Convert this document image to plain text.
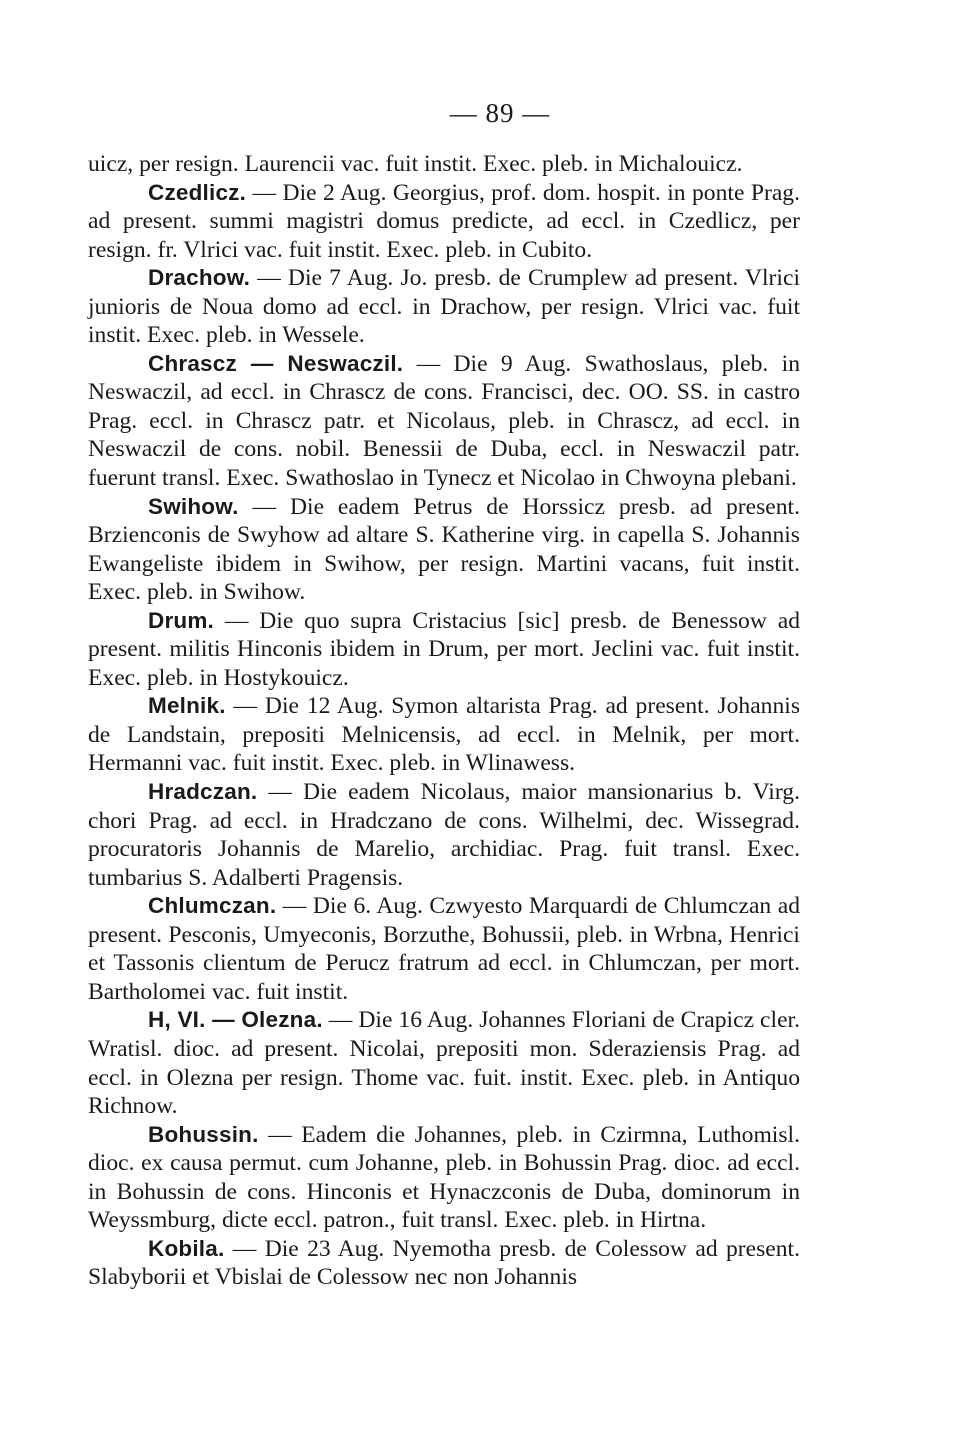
— 89 —

uicz, per resign. Laurencii vac. fuit instit. Exec. pleb. in Michalouicz.

Czedlicz. — Die 2 Aug. Georgius, prof. dom. hospit. in ponte Prag. ad present. summi magistri domus predicte, ad eccl. in Czedlicz, per resign. fr. Vlrici vac. fuit instit. Exec. pleb. in Cubito.

Drachow. — Die 7 Aug. Jo. presb. de Crumplew ad present. Vlrici junioris de Noua domo ad eccl. in Drachow, per resign. Vlrici vac. fuit instit. Exec. pleb. in Wessele.

Chrascz — Neswaczil. — Die 9 Aug. Swathoslaus, pleb. in Neswaczil, ad eccl. in Chrascz de cons. Francisci, dec. OO. SS. in castro Prag. eccl. in Chrascz patr. et Nicolaus, pleb. in Chrascz, ad eccl. in Neswaczil de cons. nobil. Benessii de Duba, eccl. in Neswaczil patr. fuerunt transl. Exec. Swathoslao in Tynecz et Nicolao in Chwoyna plebani.

Swihow. — Die eadem Petrus de Horssicz presb. ad present. Brzienconis de Swyhow ad altare S. Katherine virg. in capella S. Johannis Ewangeliste ibidem in Swihow, per resign. Martini vacans, fuit instit. Exec. pleb. in Swihow.

Drum. — Die quo supra Cristacius [sic] presb. de Benessow ad present. militis Hinconis ibidem in Drum, per mort. Jeclini vac. fuit instit. Exec. pleb. in Hostykouicz.

Melnik. — Die 12 Aug. Symon altarista Prag. ad present. Johannis de Landstain, prepositi Melnicensis, ad eccl. in Melnik, per mort. Hermanni vac. fuit instit. Exec. pleb. in Wlinawess.

Hradczan. — Die eadem Nicolaus, maior mansionarius b. Virg. chori Prag. ad eccl. in Hradczano de cons. Wilhelmi, dec. Wissegrad. procuratoris Johannis de Marelio, archidiac. Prag. fuit transl. Exec. tumbarius S. Adalberti Pragensis.

Chlumczan. — Die 6. Aug. Czwyesto Marquardi de Chlumczan ad present. Pesconis, Umyeconis, Borzuthe, Bohussii, pleb. in Wrbna, Henrici et Tassonis clientum de Perucz fratrum ad eccl. in Chlumczan, per mort. Bartholomei vac. fuit instit.

H, VI. — Olezna. — Die 16 Aug. Johannes Floriani de Crapicz cler. Wratisl. dioc. ad present. Nicolai, prepositi mon. Sderaziensis Prag. ad eccl. in Olezna per resign. Thome vac. fuit. instit. Exec. pleb. in Antiquo Richnow.

Bohussin. — Eadem die Johannes, pleb. in Czirmna, Luthomisl. dioc. ex causa permut. cum Johanne, pleb. in Bohussin Prag. dioc. ad eccl. in Bohussin de cons. Hinconis et Hynaczconis de Duba, dominorum in Weyssmburg, dicte eccl. patron., fuit transl. Exec. pleb. in Hirtna.

Kobila. — Die 23 Aug. Nyemotha presb. de Colessow ad present. Slabyborii et Vbislai de Colessow nec non Johannis
